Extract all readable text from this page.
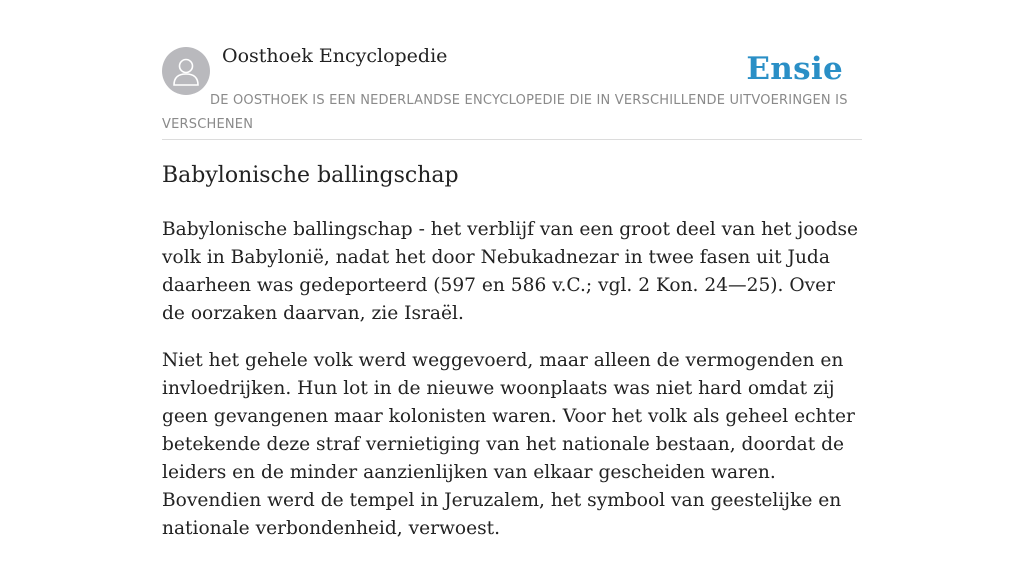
Oosthoek Encyclopedie	Ensie
DE OOSTHOEK IS EEN NEDERLANDSE ENCYCLOPEDIE DIE IN VERSCHILLENDE UITVOERINGEN IS VERSCHENEN
Babylonische ballingschap

Babylonische ballingschap - het verblijf van een groot deel van het joodse volk in Babylonië, nadat het door Nebukadnezar in twee fasen uit Juda daarheen was gedeporteerd (597 en 586 v.C.; vgl. 2 Kon. 24—25). Over de oorzaken daarvan, zie Israël.

Niet het gehele volk werd weggevoerd, maar alleen de vermogenden en invloedrijken. Hun lot in de nieuwe woonplaats was niet hard omdat zij geen gevangenen maar kolonisten waren. Voor het volk als geheel echter betekende deze straf vernietiging van het nationale bestaan, doordat de leiders en de minder aanzienlijken van elkaar gescheiden waren. Bovendien werd de tempel in Jeruzalem, het symbool van geestelijke en nationale verbondenheid, verwoest.
